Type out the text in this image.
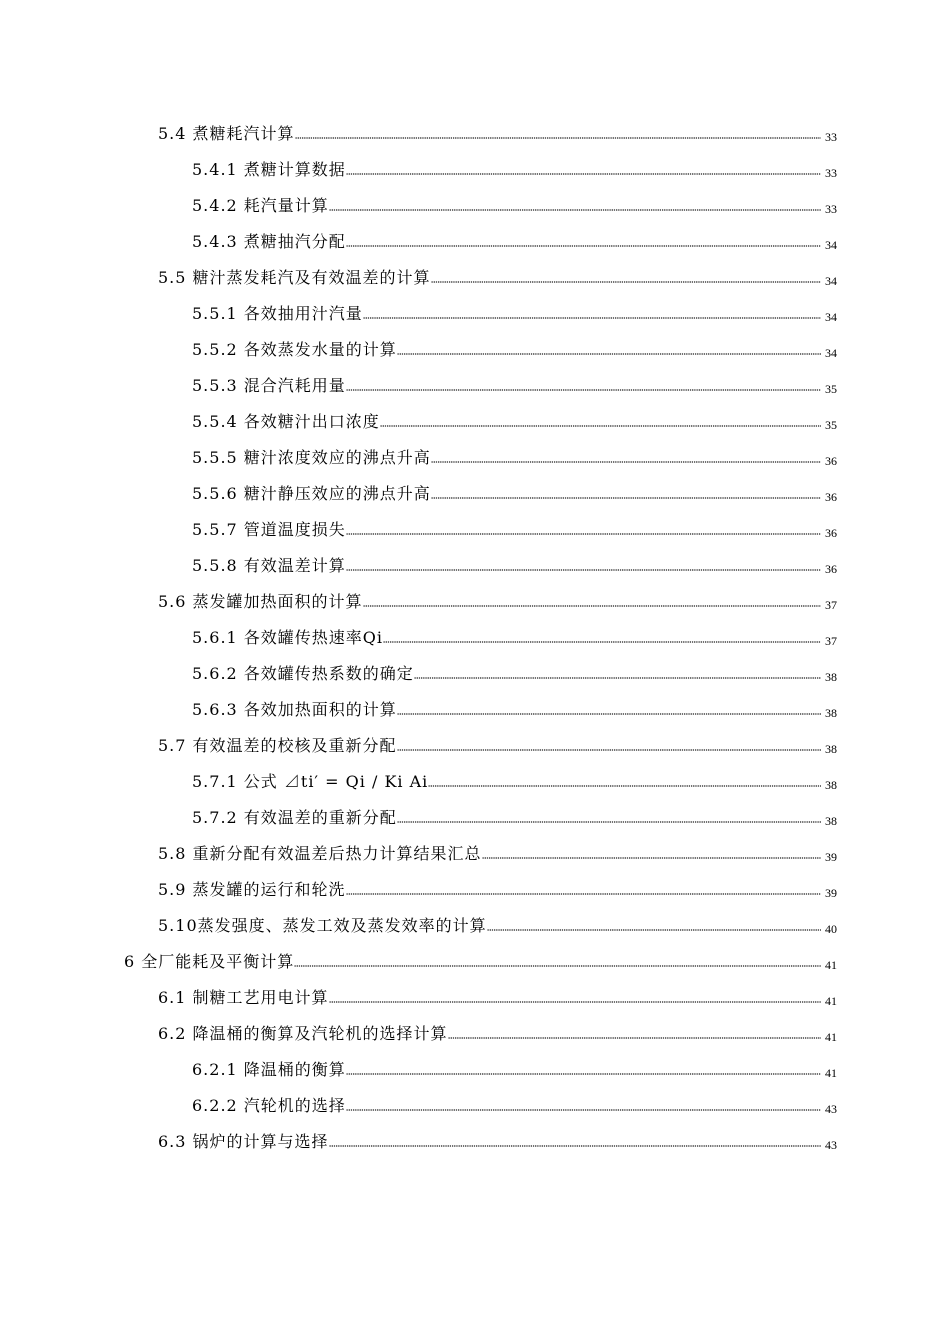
5.4 煮糖耗汽计算	33
5.4.1 煮糖计算数据	33
5.4.2 耗汽量计算	33
5.4.3 煮糖抽汽分配	34
5.5 糖汁蒸发耗汽及有效温差的计算	34
5.5.1 各效抽用汁汽量	34
5.5.2 各效蒸发水量的计算	34
5.5.3 混合汽耗用量	35
5.5.4 各效糖汁出口浓度	35
5.5.5 糖汁浓度效应的沸点升高	36
5.5.6 糖汁静压效应的沸点升高	36
5.5.7 管道温度损失	36
5.5.8 有效温差计算	36
5.6 蒸发罐加热面积的计算	37
5.6.1 各效罐传热速率Qi	37
5.6.2 各效罐传热系数的确定	38
5.6.3 各效加热面积的计算	38
5.7 有效温差的校核及重新分配	38
5.7.1 公式 ⊿ti′ = Qi / Ki Ai	38
5.7.2 有效温差的重新分配	38
5.8 重新分配有效温差后热力计算结果汇总	39
5.9 蒸发罐的运行和轮洗	39
5.10蒸发强度、蒸发工效及蒸发效率的计算	40
6 全厂能耗及平衡计算	41
6.1 制糖工艺用电计算	41
6.2 降温桶的衡算及汽轮机的选择计算	41
6.2.1 降温桶的衡算	41
6.2.2 汽轮机的选择	43
6.3 锅炉的计算与选择	43
